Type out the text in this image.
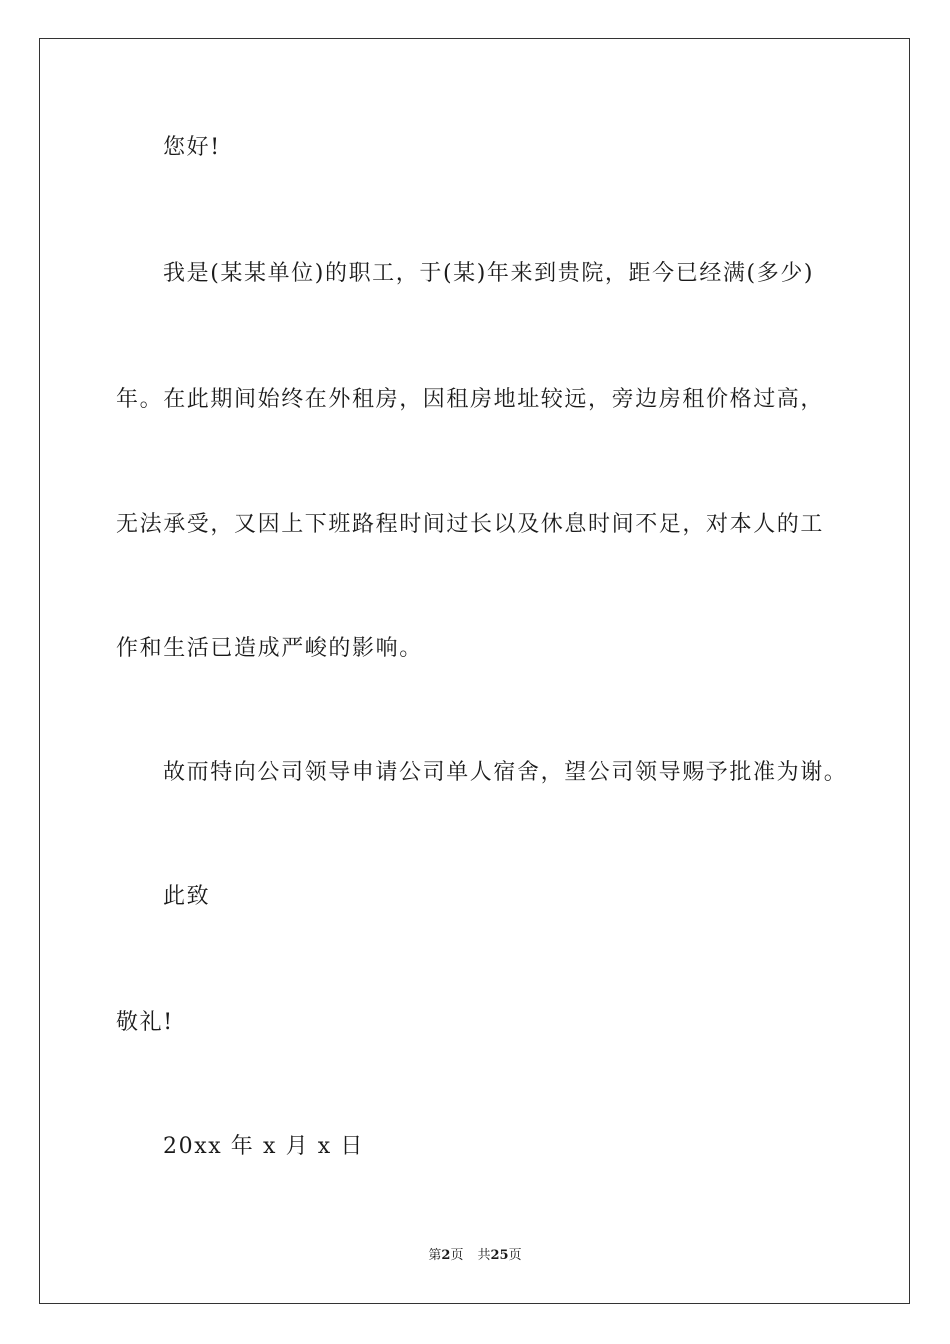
您好!
我是(某某单位)的职工，于(某)年来到贵院，距今已经满(多少)
年。在此期间始终在外租房，因租房地址较远，旁边房租价格过高，
无法承受，又因上下班路程时间过长以及休息时间不足，对本人的工
作和生活已造成严峻的影响。
故而特向公司领导申请公司单人宿舍，望公司领导赐予批准为谢。
此致
敬礼!
20xx 年 x 月 x 日
第2页 共25页
